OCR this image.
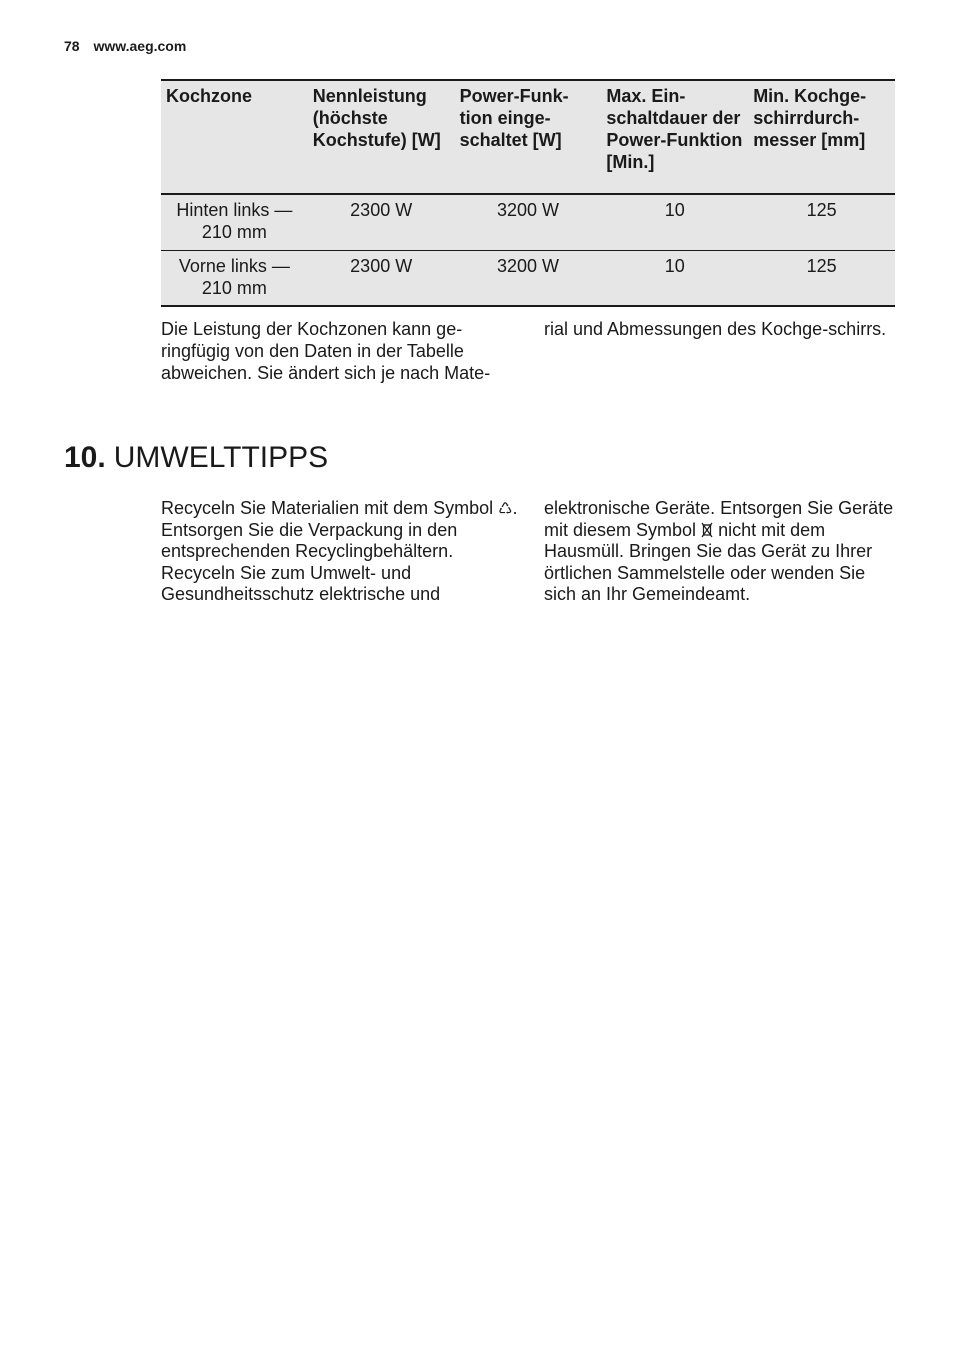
78 www.aeg.com
Kochzone	Nennleistung (höchste Kochstufe) [W]	Power-Funk-tion einge-schaltet [W]	Max. Ein-schaltdauer der Power-Funktion [Min.]	Min. Kochge-schirrdurch-messer [mm]
Hinten links —210 mm	2300 W	3200 W	10	125
Vorne links — 210 mm	2300 W	3200 W	10	125
Die Leistung der Kochzonen kann ge-ringfügig von den Daten in der Tabelle abweichen. Sie ändert sich je nach Mate-
rial und Abmessungen des Kochge-schirrs.
10. UMWELTTIPPS
Recyceln Sie Materialien mit dem Symbol ♺. Entsorgen Sie die Verpackung in den entsprechenden Recyclingbehältern.
Recyceln Sie zum Umwelt- und Gesundheitsschutz elektrische und
elektronische Geräte. Entsorgen Sie Geräte mit diesem Symbol nicht mit dem Hausmüll. Bringen Sie das Gerät zu Ihrer örtlichen Sammelstelle oder wenden Sie sich an Ihr Gemeindeamt.
